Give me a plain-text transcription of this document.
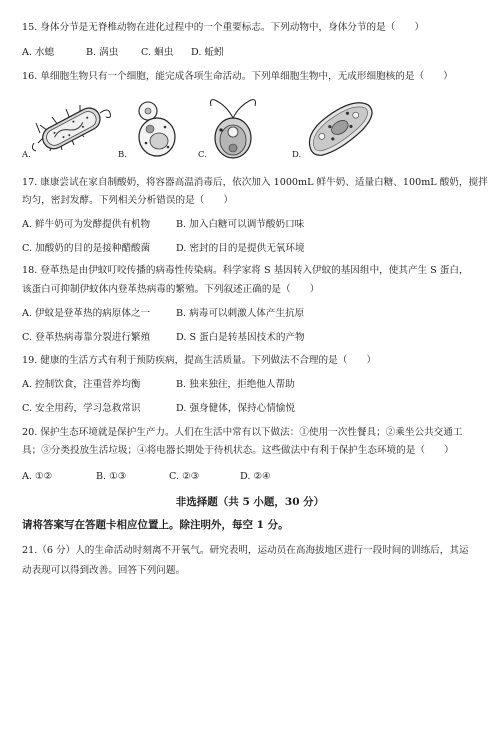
15. 身体分节是无脊椎动物在进化过程中的一个重要标志。下列动物中，身体分节的是（　　）
A. 水螅	B. 涡虫 C. 蛔虫 D. 蚯蚓
16. 单细胞生物只有一个细胞，能完成各项生命活动。下列单细胞生物中，无成形细胞核的是（　　）
A.	B.	C.	D.
17. 康康尝试在家自制酸奶，将容器高温消毒后，依次加入 1000mL 鲜牛奶、适量白糖、100mL 酸奶，搅拌
均匀，密封发酵。下列相关分析错误的是（　　）
A. 鲜牛奶可为发酵提供有机物	B. 加入白糖可以调节酸奶口味
C. 加酸奶的目的是接种醋酸菌	D. 密封的目的是提供无氧环境
18. 登革热是由伊蚊叮咬传播的病毒性传染病。科学家将 S 基因转入伊蚊的基因组中，使其产生 S 蛋白，
该蛋白可抑制伊蚊体内登革热病毒的繁殖。下列叙述正确的是（　　）
A. 伊蚊是登革热的病原体之一	B. 病毒可以刺激人体产生抗原
C. 登革热病毒靠分裂进行繁殖	D. S 蛋白是转基因技术的产物
19. 健康的生活方式有利于预防疾病，提高生活质量。下列做法不合理的是（　　）
A. 控制饮食，注重营养均衡	B. 独来独往，拒绝他人帮助
C. 安全用药，学习急救常识	D. 强身健体，保持心情愉悦
20. 保护生态环境就是保护生产力。人们在生活中常有以下做法：①使用一次性餐具；②乘坐公共交通工
具；③分类投放生活垃圾；④将电器长期处于待机状态。这些做法中有利于保护生态环境的是（　　）
A. ①②	B. ①③	C. ②③	D. ②④
非选择题（共 5 小题，30 分）
请将答案写在答题卡相应位置上。除注明外，每空 1 分。
21.（6 分）人的生命活动时刻离不开氧气。研究表明，运动员在高海拔地区进行一段时间的训练后，其运
动表现可以得到改善。回答下列问题。
